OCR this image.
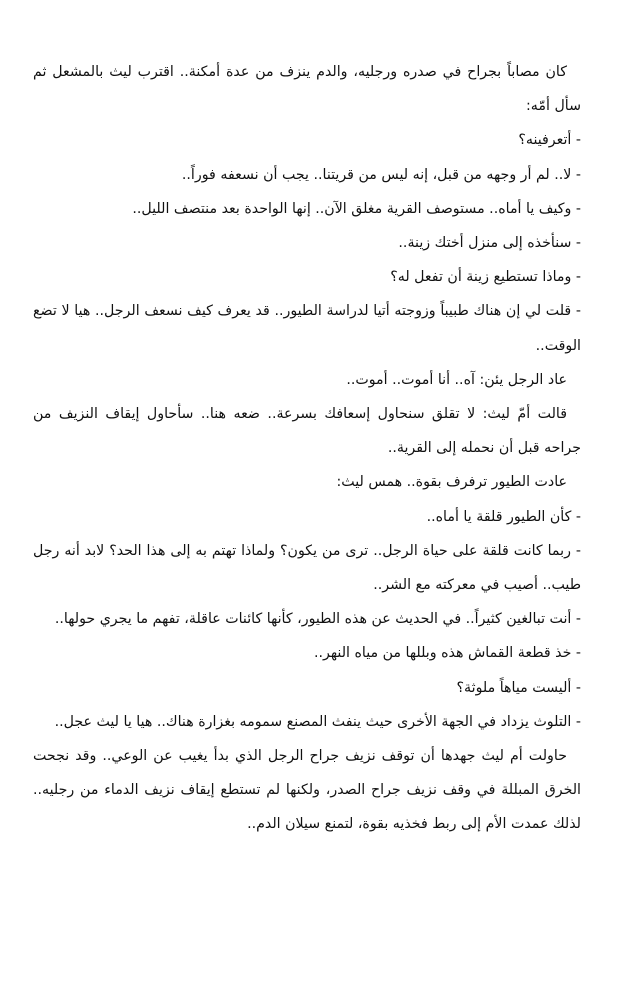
كان مصاباً بجراح في صدره ورجليه، والدم ينزف من عدة أمكنة.. اقترب ليث بالمشعل ثم سأل أمّه:

- أتعرفينه؟

- لا.. لم أر وجهه من قبل، إنه ليس من قريتنا.. يجب أن نسعفه فوراً..

- وكيف يا أماه.. مستوصف القرية مغلق الآن.. إنها الواحدة بعد منتصف الليل..

- سنأخذه إلى منزل أختك زينة..

- وماذا تستطيع زينة أن تفعل له؟

- قلت لي إن هناك طبيباً وزوجته أتيا لدراسة الطيور.. قد يعرف كيف نسعف الرجل.. هيا لا تضع الوقت..

عاد الرجل يئن: آه.. أنا أموت.. أموت..

قالت أمّ ليث: لا تقلق سنحاول إسعافك بسرعة.. ضعه هنا.. سأحاول إيقاف النزيف من جراحه قبل أن نحمله إلى القرية..

عادت الطيور ترفرف بقوة.. همس ليث:

- كأن الطيور قلقة يا أماه..

- ربما كانت قلقة على حياة الرجل.. ترى من يكون؟ ولماذا تهتم به إلى هذا الحد؟ لابد أنه رجل طيب.. أصيب في معركته مع الشر..

- أنت تبالغين كثيراً.. في الحديث عن هذه الطيور، كأنها كائنات عاقلة، تفهم ما يجري حولها..

- خذ قطعة القماش هذه وبللها من مياه النهر..

- أليست مياهاً ملوثة؟

- التلوث يزداد في الجهة الأخرى حيث ينفث المصنع سمومه بغزارة هناك.. هيا يا ليث عجل..

حاولت أم ليث جهدها أن توقف نزيف جراح الرجل الذي بدأ يغيب عن الوعي.. وقد نجحت الخرق المبللة في وقف نزيف جراح الصدر، ولكنها لم تستطع إيقاف نزيف الدماء من رجليه.. لذلك عمدت الأم إلى ربط فخذيه بقوة، لتمنع سيلان الدم..
